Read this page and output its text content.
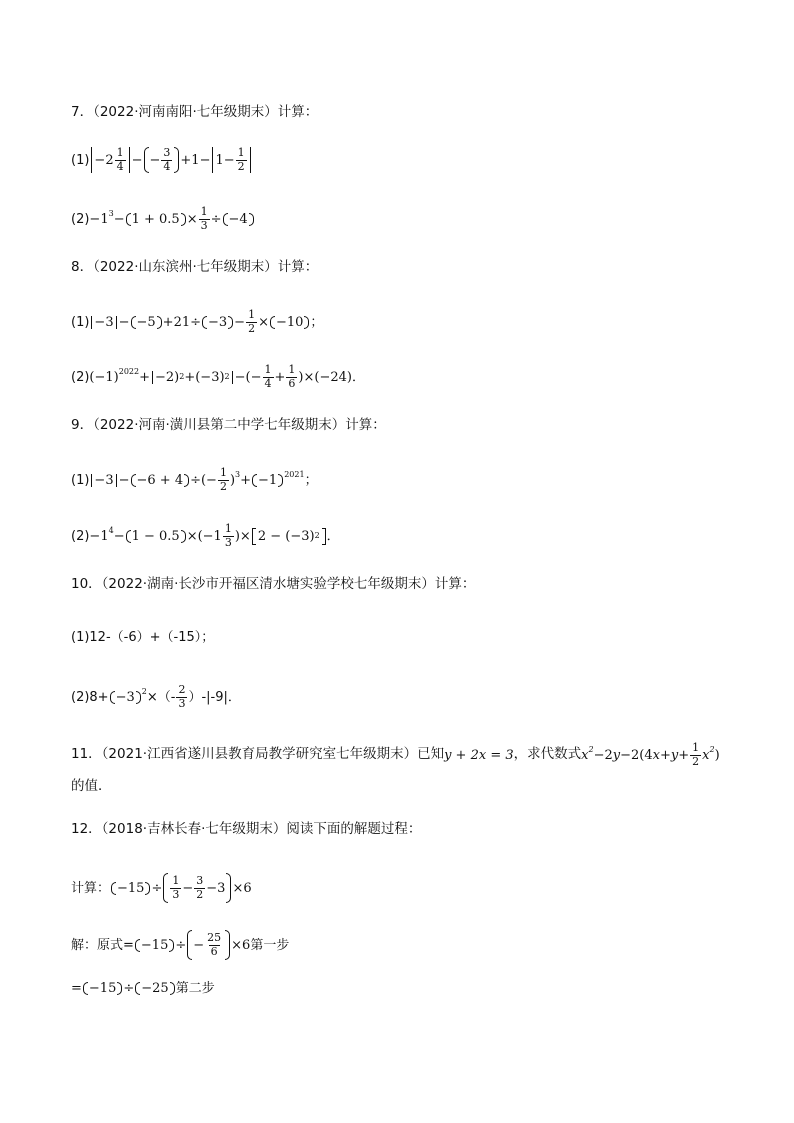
7．（2022·河南南阳·七年级期末）计算：
$(1) -2 \frac{1}{4}$ − − $\frac{3}{4} +1- 1- \frac{1}{2}$
$(2) -1^3- 1 + 0.5 \times \frac{1}{3} \div -4$
8．（2022·山东滨州·七年级期末）计算：
$(1) -3 - -5 +21\div -3 - \frac{1}{2} \times -10$ ；
(2) $(-1)^{2022}+ -2$) 2 +(−3) 2 −(− $\frac{1}{4} + \frac{1}{6} )\times(-24)$ ．
9．（2022·河南·潢川县第二中学七年级期末）计算：
(1) −3 − −6 + 4 ÷(− $\frac{1}{2} )^3+ -1$ $^{2021}$ ；
$(2) -1^4- 1 - 0.5 \times(-1 \frac{1}{3}$ )× 2 − (−3) 2 ．
10．（2022·湖南·长沙市开福区清水塘实验学校七年级期末）计算：
(1)12-（-6）+（-15）；
(2)8+ −3 $^2$ ×（- $\frac{2}{3} )-|-9|$．
11．（2021·江西省遂川县教育局教学研究室七年级期末）已知 y + 2x = 3 ，求代数式 $x^2 -2$ y −2(4 $x + y + \frac{1}{2} x^2$ )
的值．
12．（2018·吉林长春·七年级期末）阅读下面的解题过程：
计算： $-15 \div \frac{1}{3} - \frac{3}{2} -3 \times 6$
解：原式= −15 ÷ − $\frac{25}{6} \times 6$ 第一步
= −15 ÷ −25 第二步
